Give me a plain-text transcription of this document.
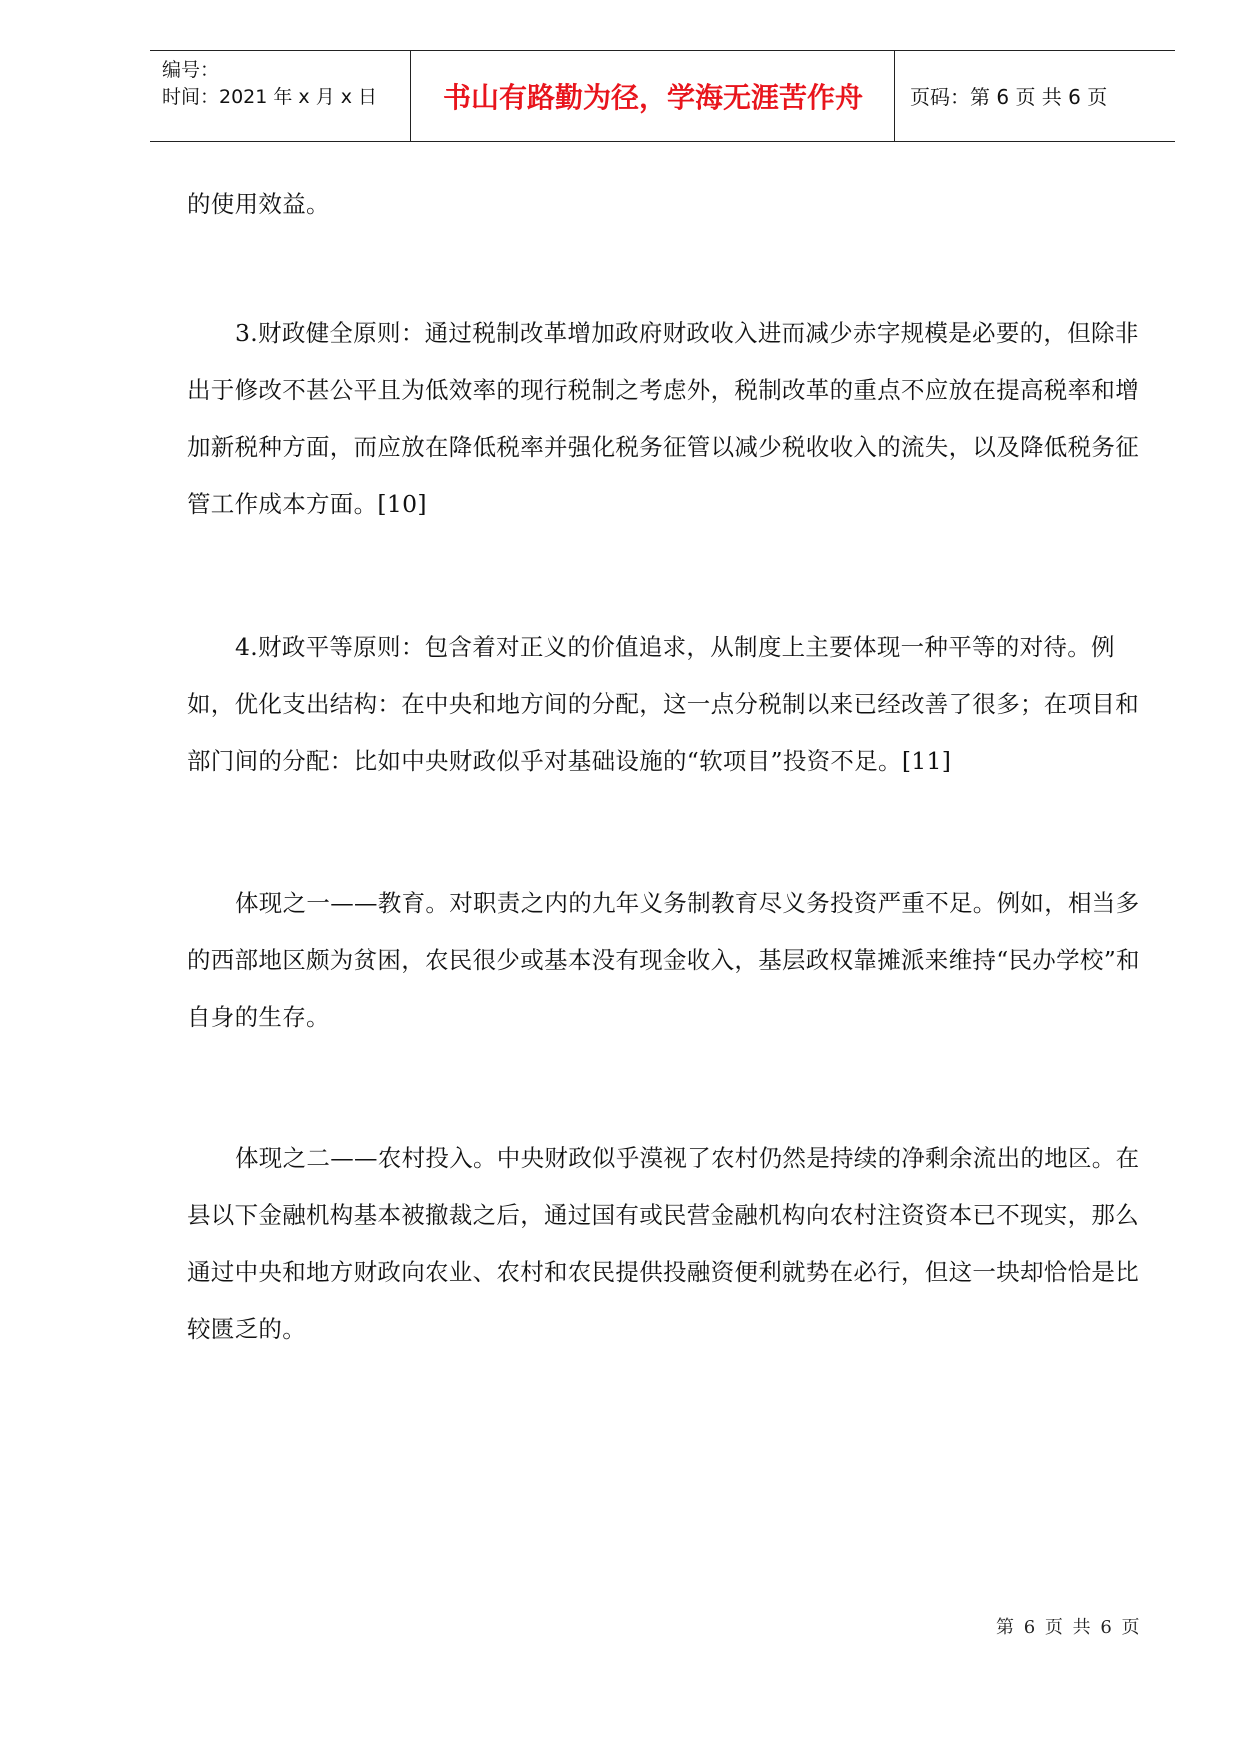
编号：
时间：2021 年 x 月 x 日	书山有路勤为径，学海无涯苦作舟	页码：第 6 页 共 6 页

的使用效益。

3.财政健全原则：通过税制改革增加政府财政收入进而减少赤字规模是必要的，但除非出于修改不甚公平且为低效率的现行税制之考虑外，税制改革的重点不应放在提高税率和增加新税种方面，而应放在降低税率并强化税务征管以减少税收收入的流失，以及降低税务征管工作成本方面。[10]

4.财政平等原则：包含着对正义的价值追求，从制度上主要体现一种平等的对待。例如，优化支出结构：在中央和地方间的分配，这一点分税制以来已经改善了很多；在项目和部门间的分配：比如中央财政似乎对基础设施的“软项目”投资不足。[11]

体现之一——教育。对职责之内的九年义务制教育尽义务投资严重不足。例如，相当多的西部地区颇为贫困，农民很少或基本没有现金收入，基层政权靠摊派来维持“民办学校”和自身的生存。

体现之二——农村投入。中央财政似乎漠视了农村仍然是持续的净剩余流出的地区。在县以下金融机构基本被撤裁之后，通过国有或民营金融机构向农村注资资本已不现实，那么通过中央和地方财政向农业、农村和农民提供投融资便利就势在必行，但这一块却恰恰是比较匮乏的。

第 6 页 共 6 页
